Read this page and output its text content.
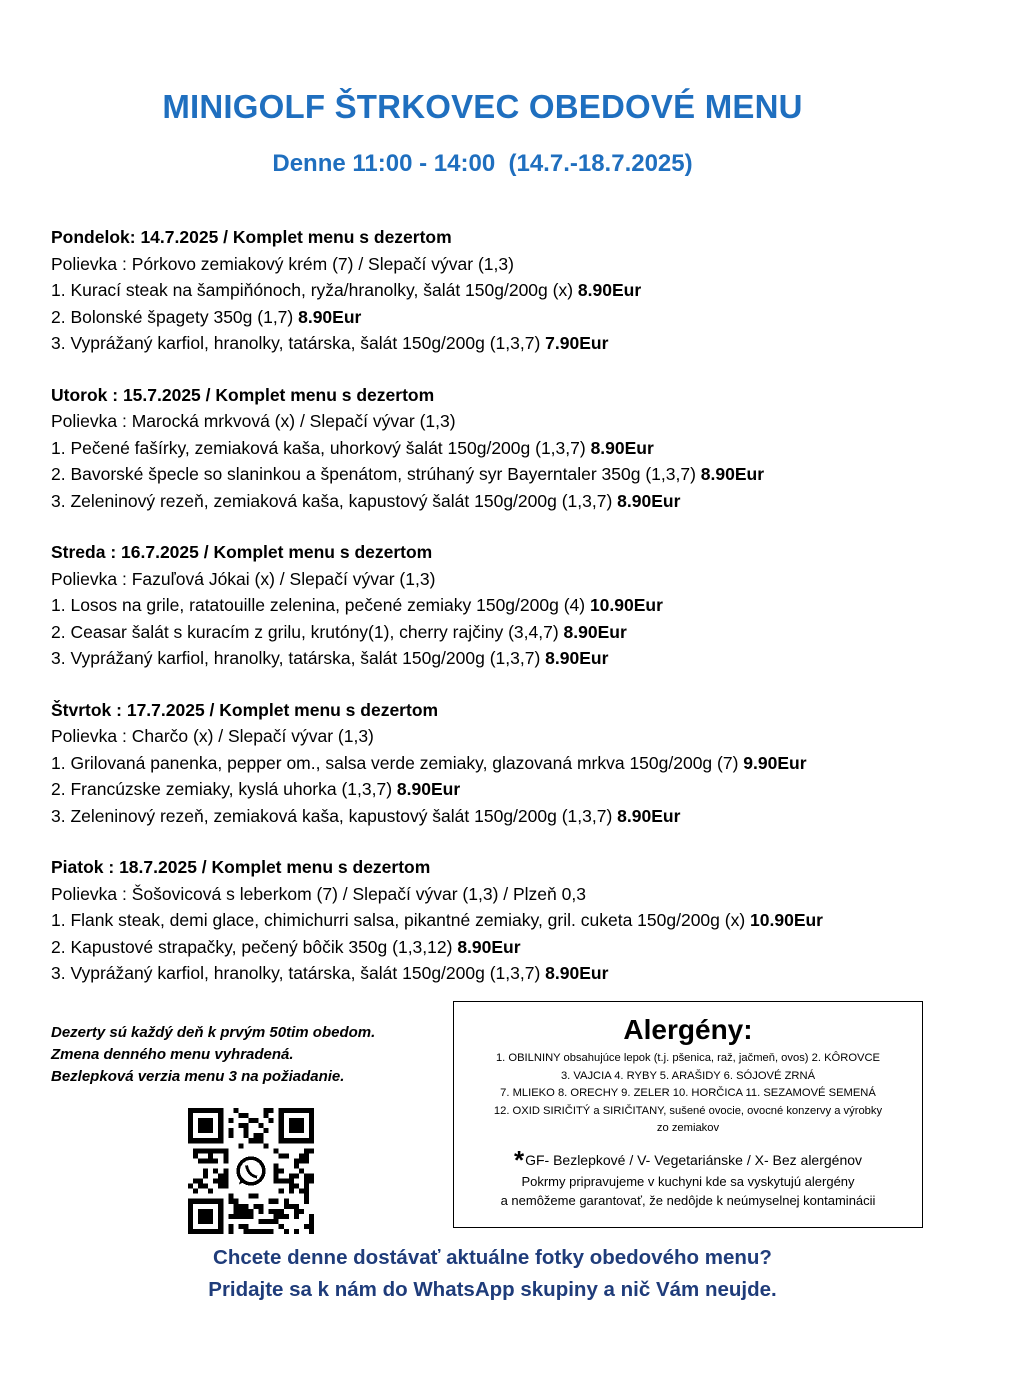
MINIGOLF ŠTRKOVEC OBEDOVÉ MENU
Denne 11:00 - 14:00  (14.7.-18.7.2025)
Pondelok: 14.7.2025 / Komplet menu s dezertom
Polievka : Pórkovo zemiakový krém (7) / Slepačí vývar (1,3)
1. Kurací steak na šampiňónoch, ryža/hranolky, šalát 150g/200g (x) 8.90Eur
2. Bolonské špagety 350g (1,7) 8.90Eur
3. Vyprážaný karfiol, hranolky, tatárska, šalát 150g/200g (1,3,7) 7.90Eur
Utorok : 15.7.2025 / Komplet menu s dezertom
Polievka : Marocká mrkvová (x) / Slepačí vývar (1,3)
1. Pečené fašírky, zemiaková kaša, uhorkový šalát 150g/200g (1,3,7) 8.90Eur
2. Bavorské špecle so slaninkou a špenátom, strúhaný syr Bayerntaler 350g (1,3,7) 8.90Eur
3. Zeleninový rezeň, zemiaková kaša, kapustový šalát 150g/200g (1,3,7) 8.90Eur
Streda : 16.7.2025 / Komplet menu s dezertom
Polievka : Fazuľová Jókai (x) / Slepačí vývar (1,3)
1. Losos na grile, ratatouille zelenina, pečené zemiaky 150g/200g (4) 10.90Eur
2. Ceasar šalát s kuracím z grilu, krutóny(1), cherry rajčiny (3,4,7) 8.90Eur
3. Vyprážaný karfiol, hranolky, tatárska, šalát 150g/200g (1,3,7) 8.90Eur
Štvrtok : 17.7.2025 / Komplet menu s dezertom
Polievka : Charčo (x) / Slepačí vývar (1,3)
1. Grilovaná panenka, pepper om., salsa verde zemiaky, glazovaná mrkva 150g/200g (7) 9.90Eur
2. Francúzske zemiaky, kyslá uhorka (1,3,7) 8.90Eur
3. Zeleninový rezeň, zemiaková kaša, kapustový šalát 150g/200g (1,3,7) 8.90Eur
Piatok : 18.7.2025 / Komplet menu s dezertom
Polievka : Šošovicová s leberkom (7) / Slepačí vývar (1,3) / Plzeň 0,3
1. Flank steak, demi glace, chimichurri salsa, pikantné zemiaky, gril. cuketa 150g/200g (x) 10.90Eur
2. Kapustové strapačky, pečený bôčik 350g (1,3,12) 8.90Eur
3. Vyprážaný karfiol, hranolky, tatárska, šalát 150g/200g (1,3,7) 8.90Eur
Dezerty sú každý deň k prvým 50tim obedom.
Zmena denného menu vyhradená.
Bezlepková verzia menu 3 na požiadanie.
Alergény:
1. OBILNINY obsahujúce lepok (t.j. pšenica, raž, jačmeň, ovos) 2. KÔROVCE
3. VAJCIA 4. RYBY 5. ARAŠIDY 6. SÓJOVÉ ZRNÁ
7. MLIEKO 8. ORECHY 9. ZELER 10. HORČICA 11. SEZAMOVÉ SEMENÁ
12. OXID SIRIČITÝ a SIRIČITANY, sušené ovocie, ovocné konzervy a výrobky
zo zemiakov
*GF- Bezlepkové / V- Vegetariánske / X- Bez alergénov
Pokrmy pripravujeme v kuchyni kde sa vyskytujú alergény
a nemôžeme garantovať, že nedôjde k neúmyselnej kontaminácii
Chcete denne dostávať aktuálne fotky obedového menu?
Pridajte sa k nám do WhatsApp skupiny a nič Vám neujde.
